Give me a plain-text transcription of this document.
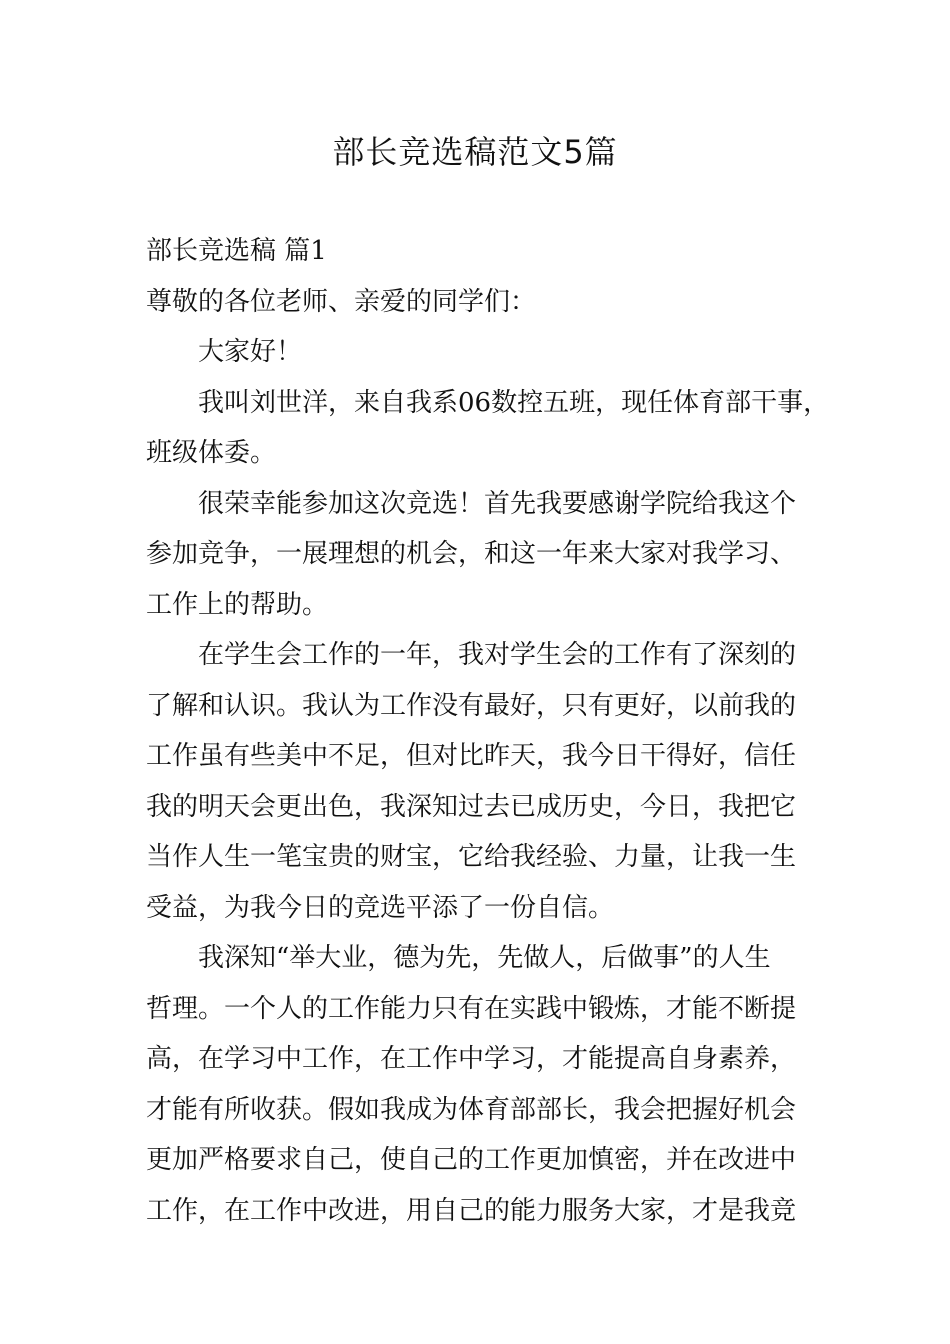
部长竞选稿范文5篇
部长竞选稿 篇1
尊敬的各位老师、亲爱的同学们：
大家好！
我叫刘世洋，来自我系06数控五班，现任体育部干事，
班级体委。
很荣幸能参加这次竞选！首先我要感谢学院给我这个
参加竞争，一展理想的机会，和这一年来大家对我学习、
工作上的帮助。
在学生会工作的一年，我对学生会的工作有了深刻的
了解和认识。我认为工作没有最好，只有更好，以前我的
工作虽有些美中不足，但对比昨天，我今日干得好，信任
我的明天会更出色，我深知过去已成历史，今日，我把它
当作人生一笔宝贵的财宝，它给我经验、力量，让我一生
受益，为我今日的竞选平添了一份自信。
我深知“举大业，德为先，先做人，后做事”的人生
哲理。一个人的工作能力只有在实践中锻炼，才能不断提
高，在学习中工作，在工作中学习，才能提高自身素养，
才能有所收获。假如我成为体育部部长，我会把握好机会
更加严格要求自己，使自己的工作更加慎密，并在改进中
工作，在工作中改进，用自己的能力服务大家，才是我竞
